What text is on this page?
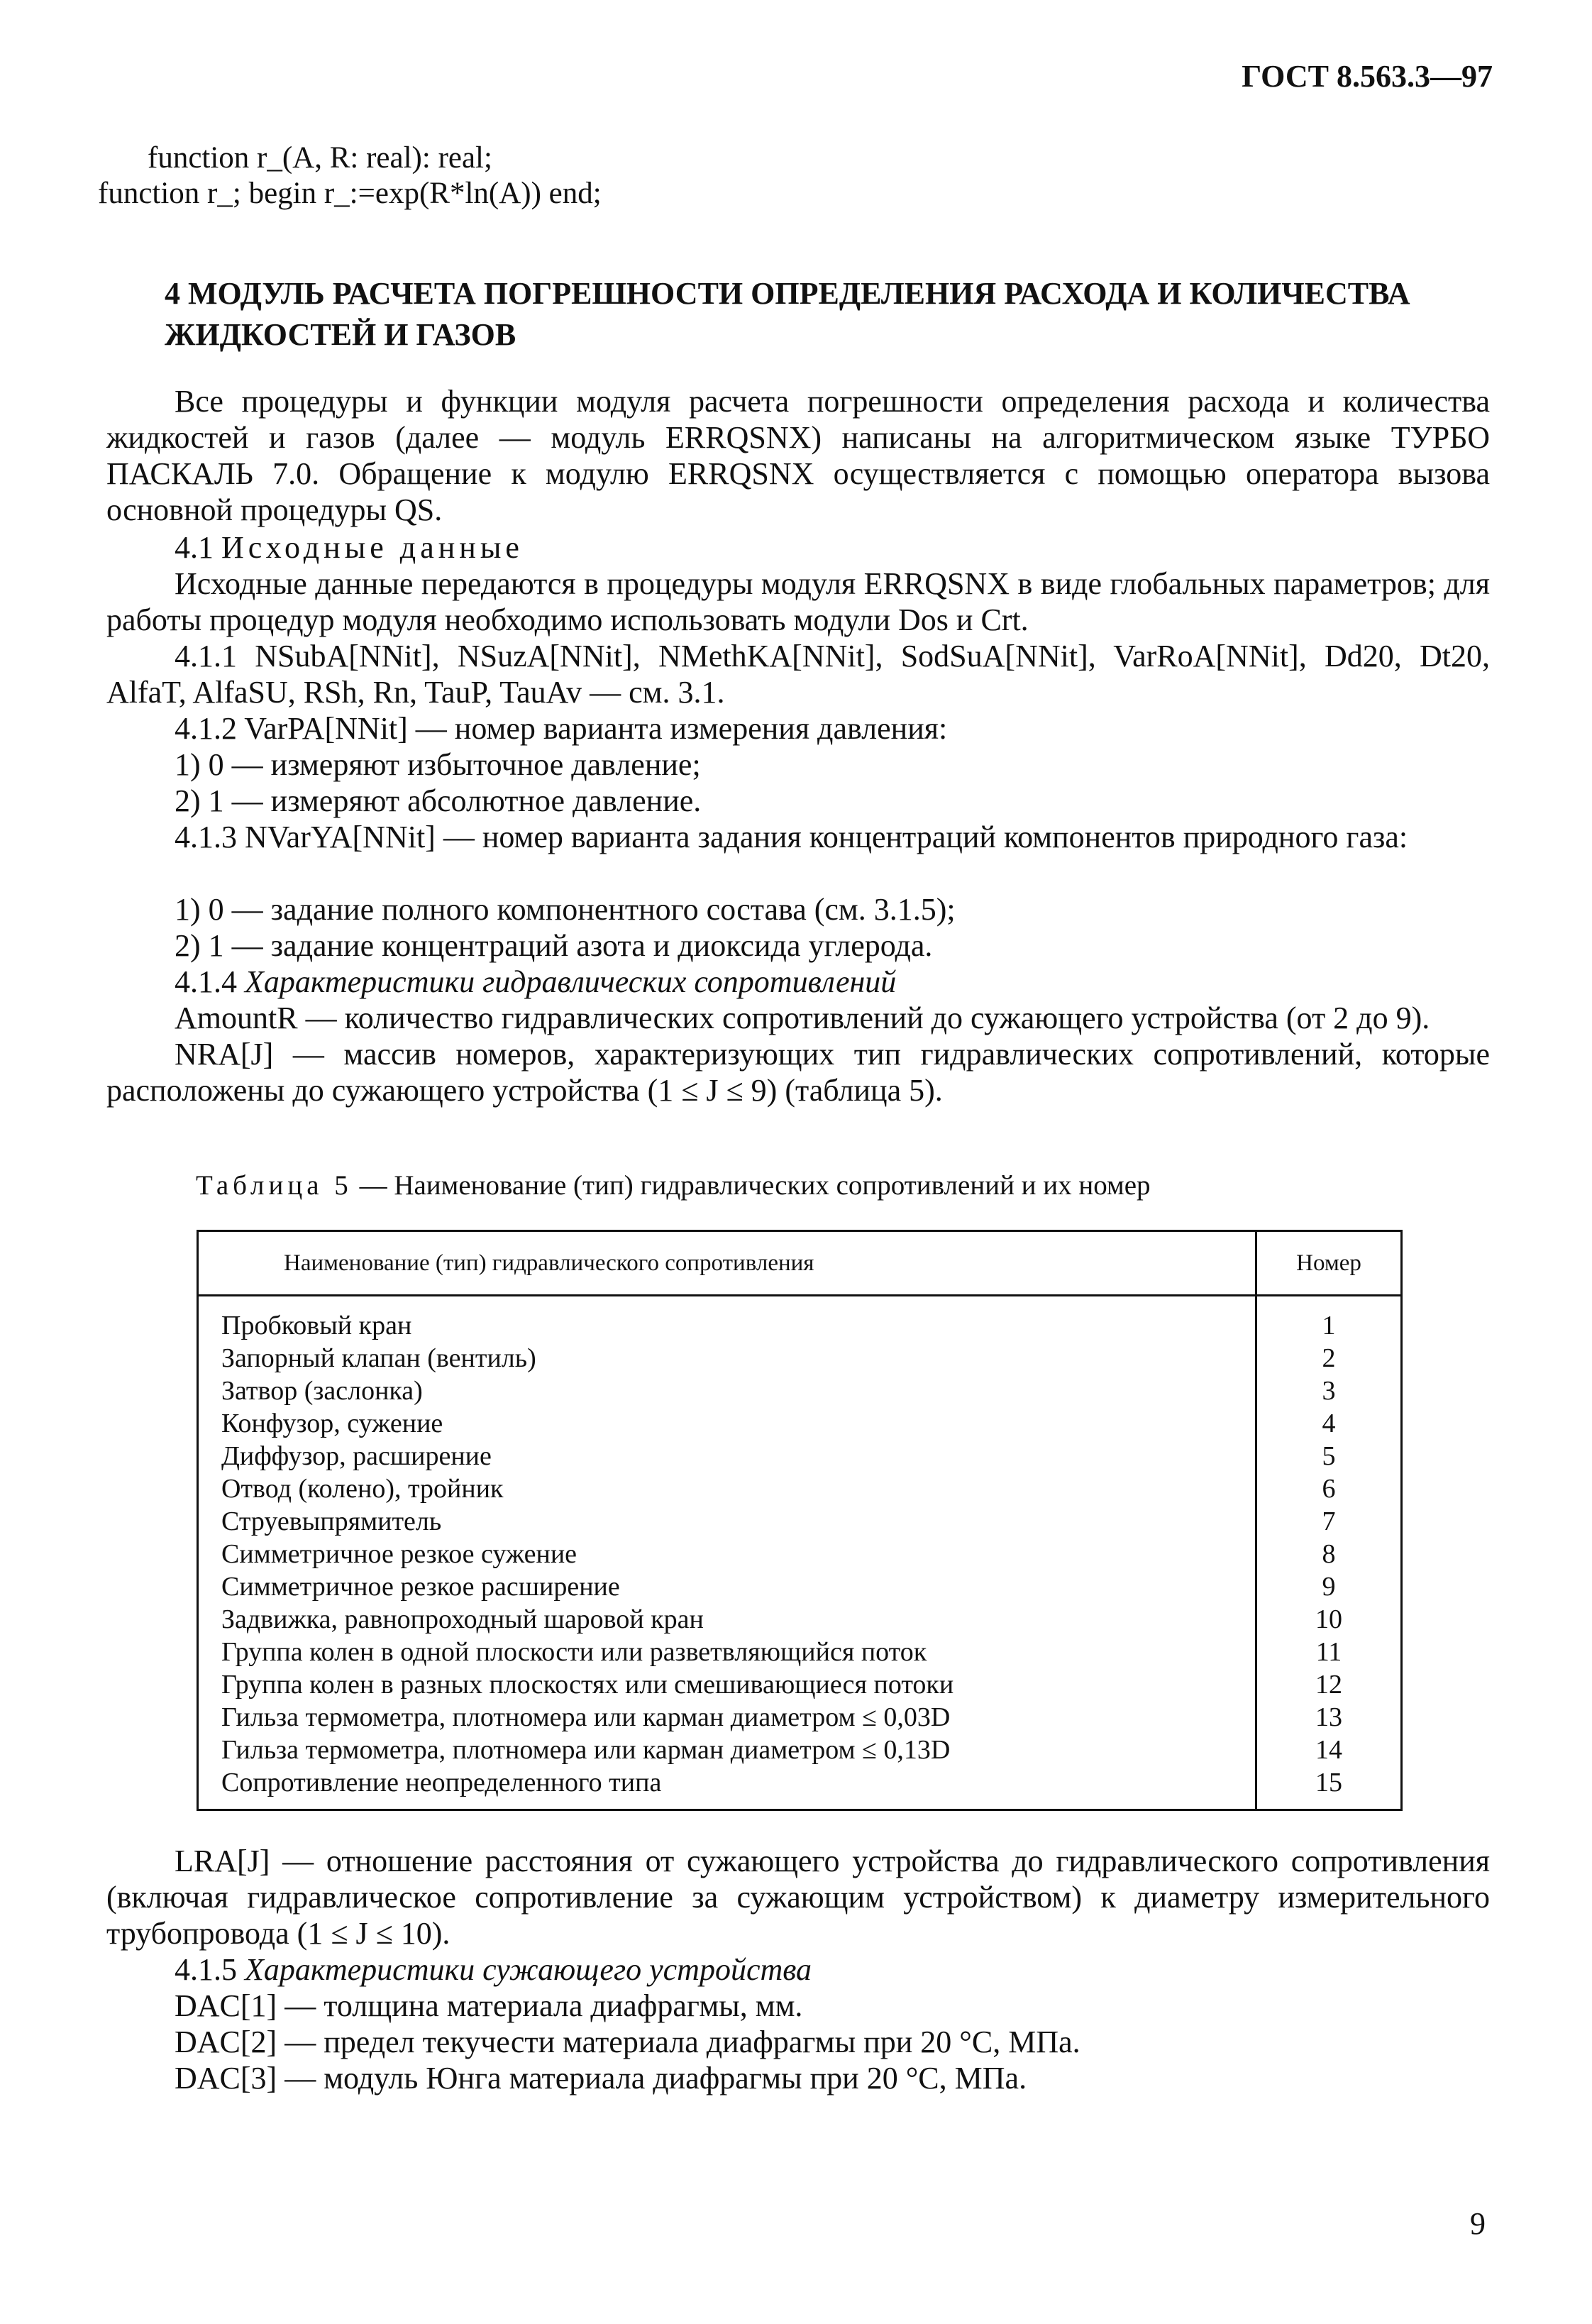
ГОСТ 8.563.3—97
function r_(A, R: real): real;
function r_; begin r_:=exp(R*ln(A)) end;
4 МОДУЛЬ РАСЧЕТА ПОГРЕШНОСТИ ОПРЕДЕЛЕНИЯ РАСХОДА И КОЛИЧЕСТВА ЖИДКОСТЕЙ И ГАЗОВ

Все процедуры и функции модуля расчета погрешности определения расхода и количества жидкостей и газов (далее — модуль ERRQSNX) написаны на алгоритмическом языке ТУРБО ПАСКАЛЬ 7.0. Обращение к модулю ERRQSNX осуществляется с помощью оператора вызова основной процедуры QS.

4.1 Исходные данные

Исходные данные передаются в процедуры модуля ERRQSNX в виде глобальных параметров; для работы процедур модуля необходимо использовать модули Dos и Crt.

4.1.1 NSubA[NNit], NSuzA[NNit], NMethKA[NNit], SodSuA[NNit], VarRoA[NNit], Dd20, Dt20, AlfaT, AlfaSU, RSh, Rn, TauP, TauAv — см. 3.1.

4.1.2 VarPA[NNit] — номер варианта измерения давления:
1) 0 — измеряют избыточное давление;
2) 1 — измеряют абсолютное давление.

4.1.3 NVarYA[NNit] — номер варианта задания концентраций компонентов природного газа:

1) 0 — задание полного компонентного состава (см. 3.1.5);
2) 1 — задание концентраций азота и диоксида углерода.
4.1.4 Характеристики гидравлических сопротивлений

AmountR — количество гидравлических сопротивлений до сужающего устройства (от 2 до 9).

NRA[J] — массив номеров, характеризующих тип гидравлических сопротивлений, которые расположены до сужающего устройства (1 ≤ J ≤ 9) (таблица 5).

Таблица 5 — Наименование (тип) гидравлических сопротивлений и их номер
Наименование (тип) гидравлического сопротивления	Номер
Пробковый кран	1
Запорный клапан (вентиль)	2
Затвор (заслонка)	3
Конфузор, сужение	4
Диффузор, расширение	5
Отвод (колено), тройник	6
Струевыпрямитель	7
Симметричное резкое сужение	8
Симметричное резкое расширение	9
Задвижка, равнопроходный шаровой кран	10
Группа колен в одной плоскости или разветвляющийся поток	11
Группа колен в разных плоскостях или смешивающиеся потоки	12
Гильза термометра, плотномера или карман диаметром ≤ 0,03D	13
Гильза термометра, плотномера или карман диаметром ≤ 0,13D	14
Сопротивление неопределенного типа	15

LRA[J] — отношение расстояния от сужающего устройства до гидравлического сопротивления (включая гидравлическое сопротивление за сужающим устройством) к диаметру измерительного трубопровода (1 ≤ J ≤ 10).

4.1.5 Характеристики сужающего устройства
DAC[1] — толщина материала диафрагмы, мм.
DAC[2] — предел текучести материала диафрагмы при 20 °С, МПа.
DAC[3] — модуль Юнга материала диафрагмы при 20 °С, МПа.
9
